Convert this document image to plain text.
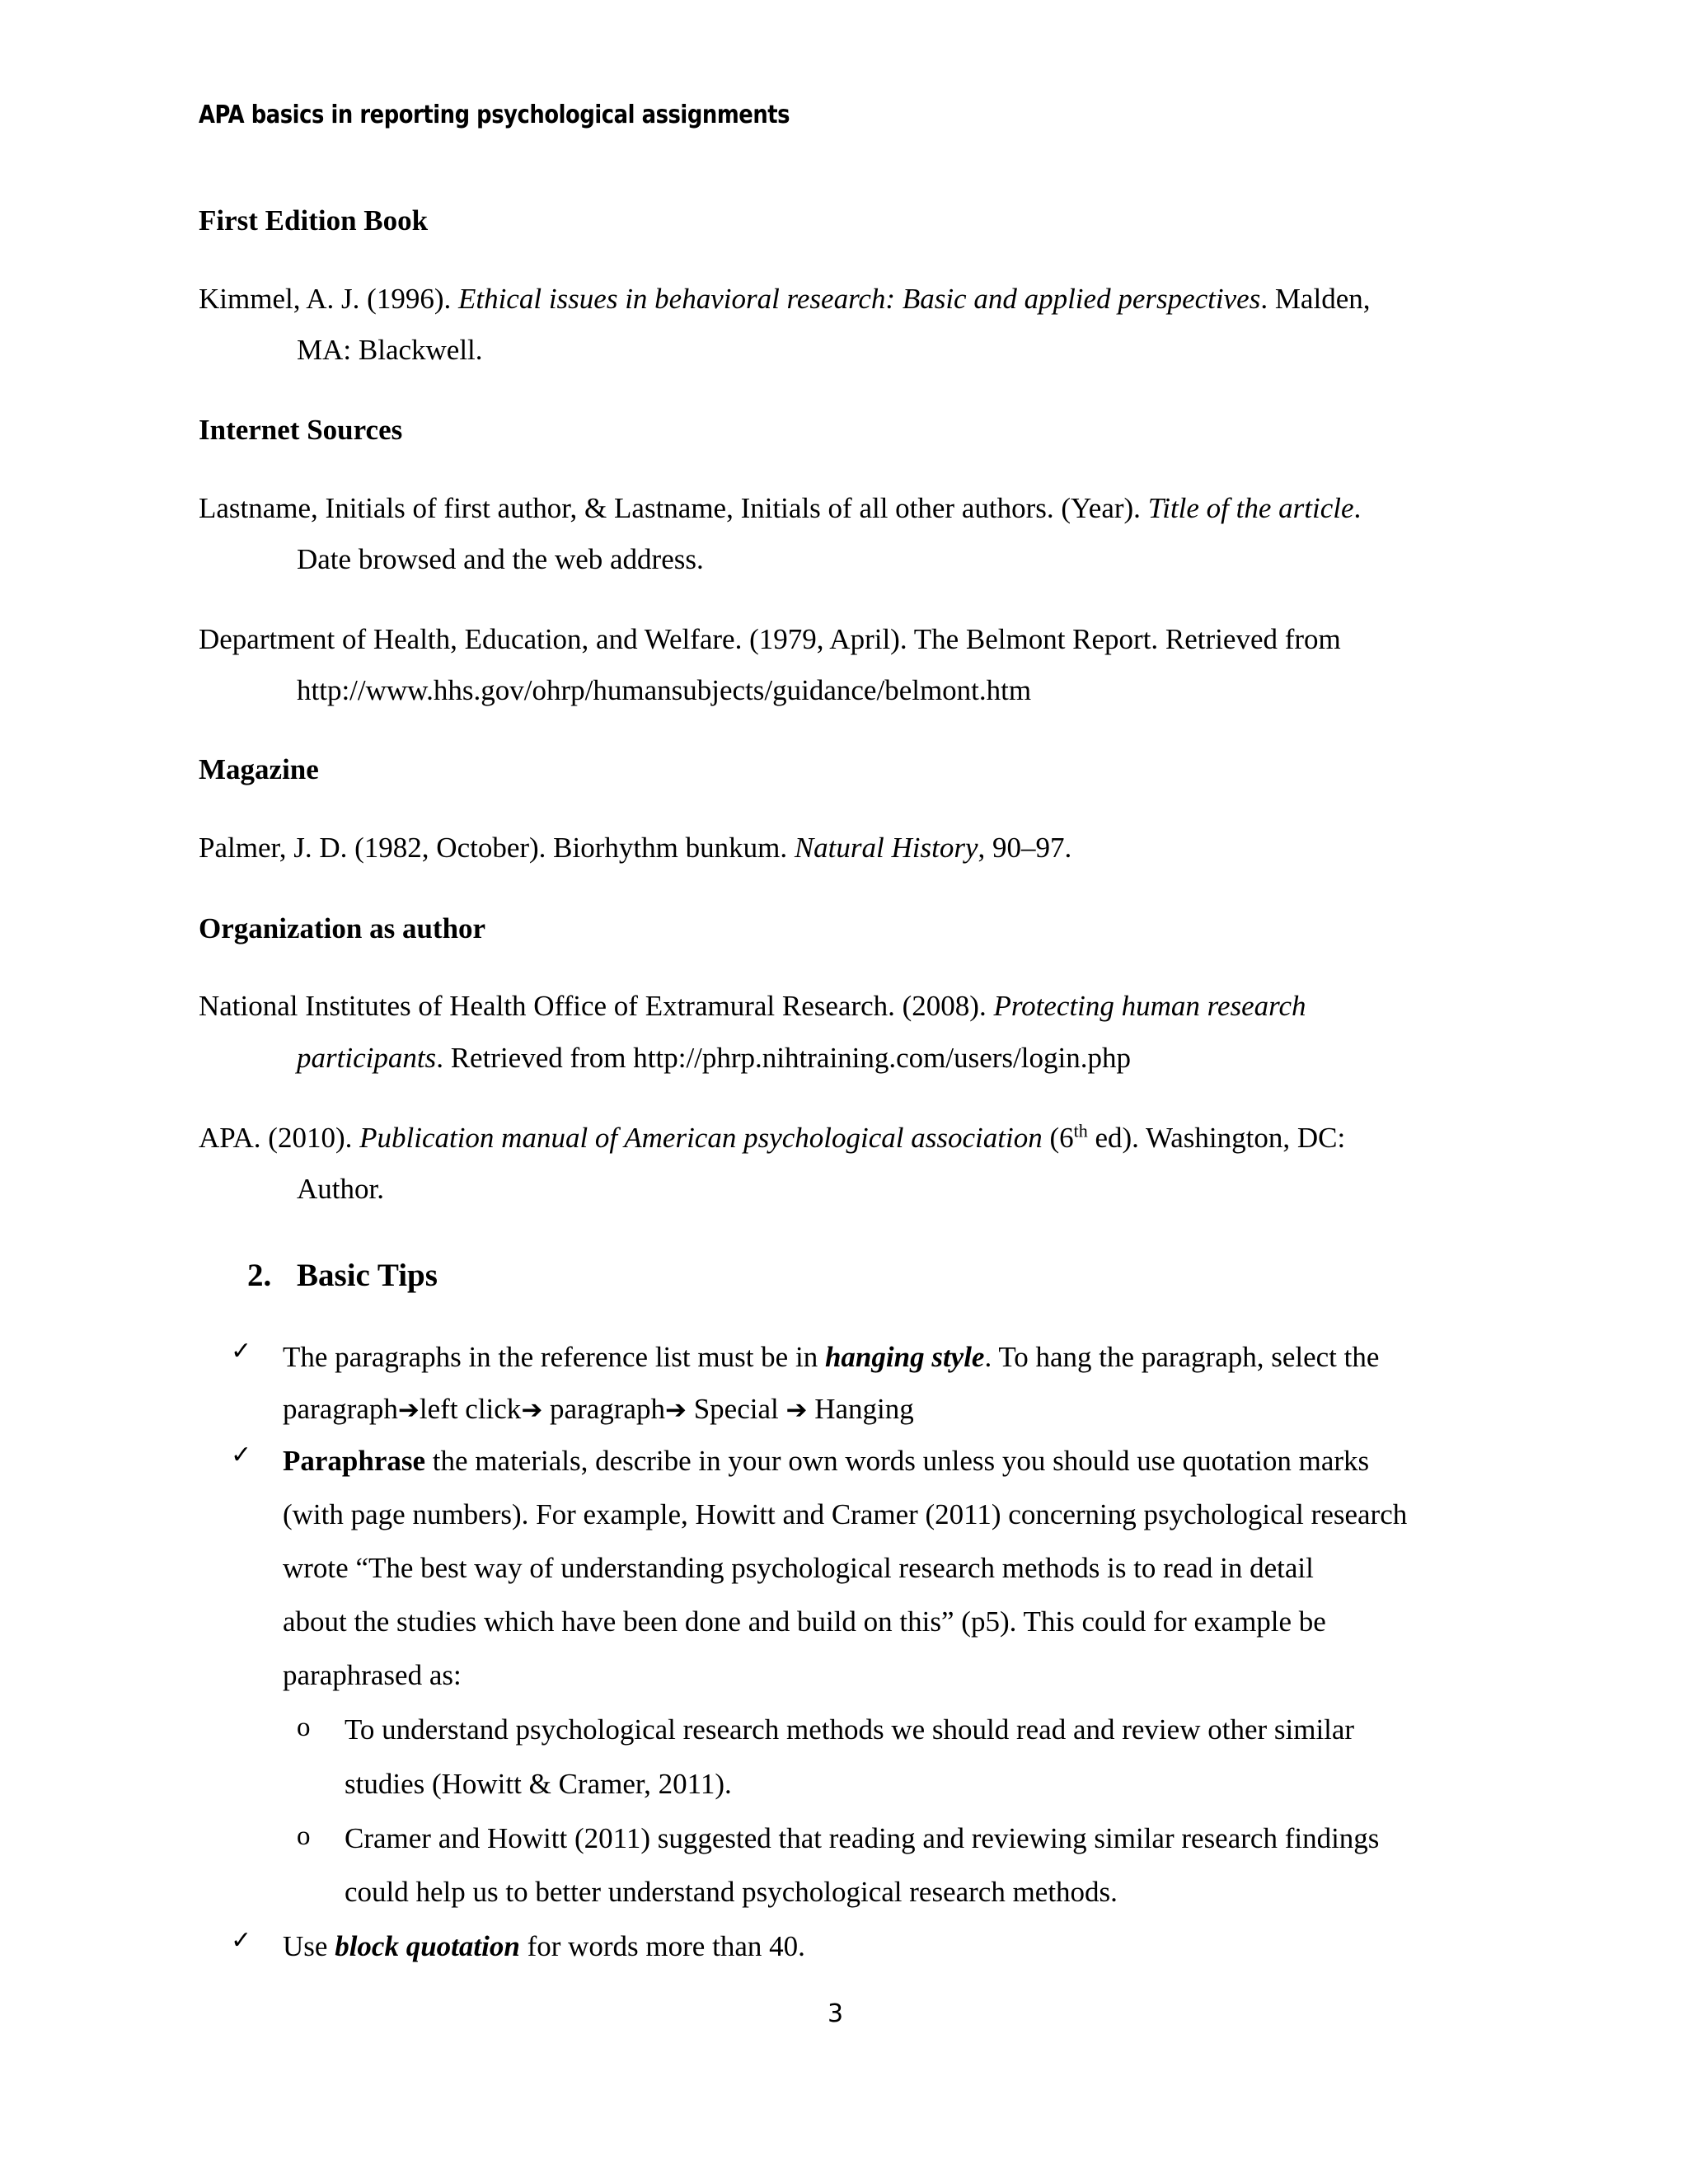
APA basics in reporting psychological assignments
First Edition Book
Kimmel, A. J. (1996). Ethical issues in behavioral research: Basic and applied perspectives. Malden,
MA: Blackwell.
Internet Sources
Lastname, Initials of first author, & Lastname, Initials of all other authors. (Year). Title of the article.
Date browsed and the web address.
Department of Health, Education, and Welfare. (1979, April). The Belmont Report. Retrieved from
http://www.hhs.gov/ohrp/humansubjects/guidance/belmont.htm
Magazine
Palmer, J. D. (1982, October). Biorhythm bunkum. Natural History, 90–97.
Organization as author
National Institutes of Health Office of Extramural Research. (2008). Protecting human research
participants. Retrieved from http://phrp.nihtraining.com/users/login.php
APA. (2010). Publication manual of American psychological association (6th ed). Washington, DC:
Author.
2. Basic Tips
✓ The paragraphs in the reference list must be in hanging style. To hang the paragraph, select the
paragraph➔left click➔ paragraph➔ Special ➔ Hanging
✓ Paraphrase the materials, describe in your own words unless you should use quotation marks
(with page numbers). For example, Howitt and Cramer (2011) concerning psychological research
wrote “The best way of understanding psychological research methods is to read in detail
about the studies which have been done and build on this” (p5). This could for example be
paraphrased as:
o To understand psychological research methods we should read and review other similar
studies (Howitt & Cramer, 2011).
o Cramer and Howitt (2011) suggested that reading and reviewing similar research findings
could help us to better understand psychological research methods.
✓ Use block quotation for words more than 40.
3
